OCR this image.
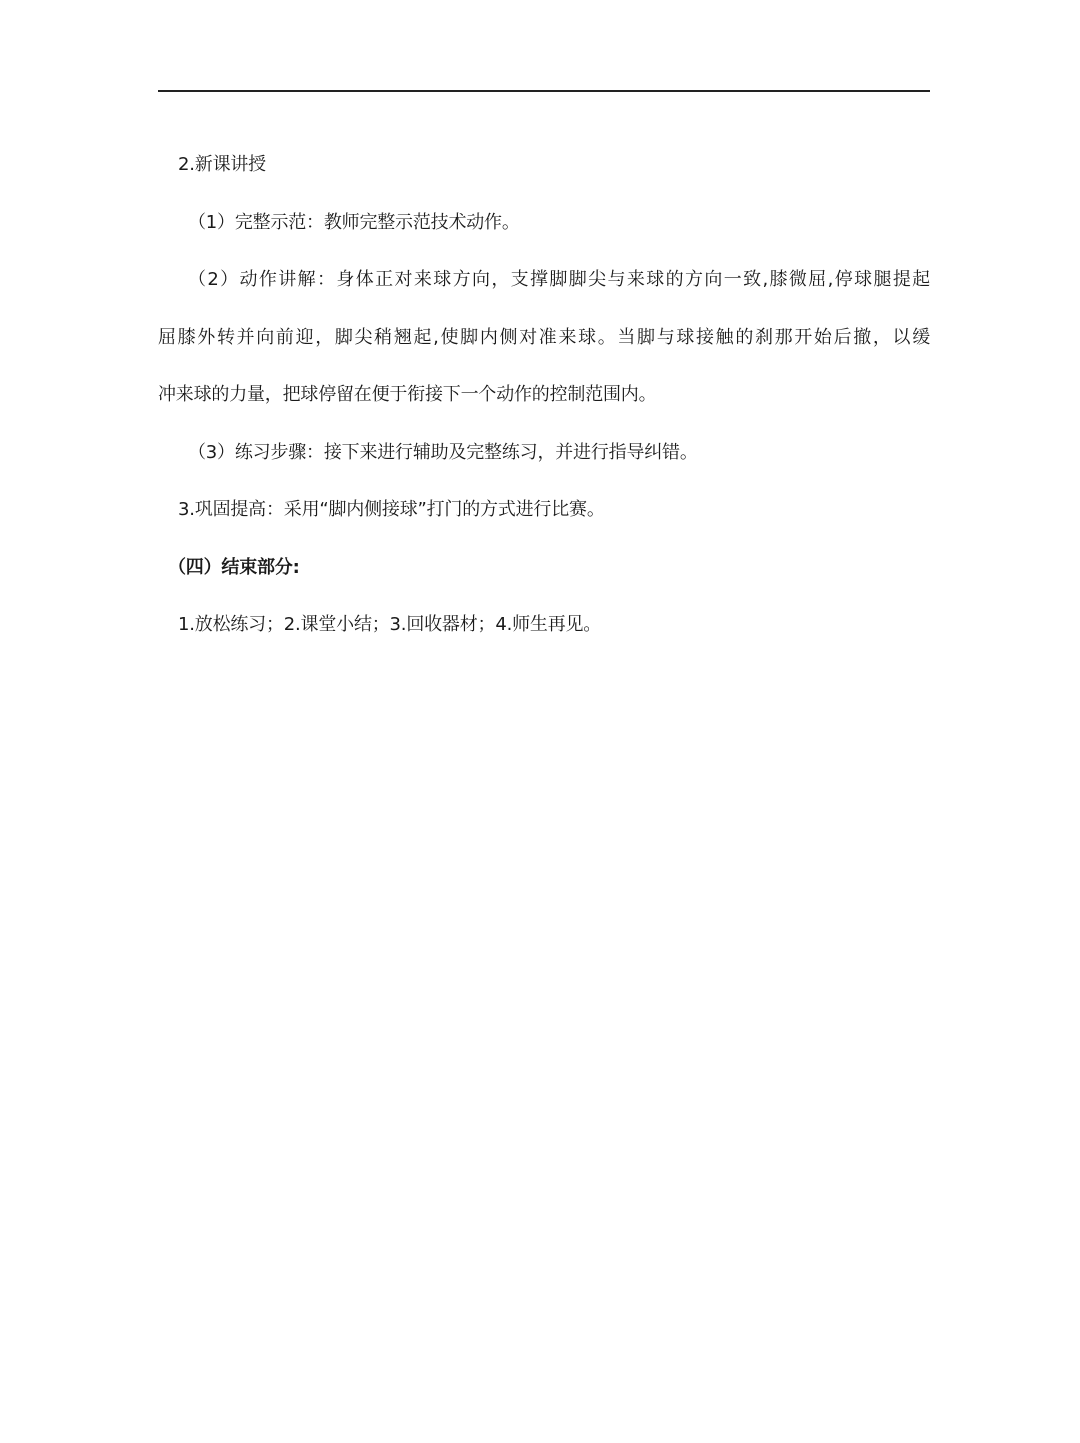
2.新课讲授
（1）完整示范：教师完整示范技术动作。
（2）动作讲解：身体正对来球方向，支撑脚脚尖与来球的方向一致,膝微屈,停球腿提起
屈膝外转并向前迎，脚尖稍翘起,使脚内侧对准来球。当脚与球接触的刹那开始后撤，以缓
冲来球的力量，把球停留在便于衔接下一个动作的控制范围内。
（3）练习步骤：接下来进行辅助及完整练习，并进行指导纠错。
3.巩固提高：采用“脚内侧接球”打门的方式进行比赛。
（四）结束部分:
1.放松练习；2.课堂小结；3.回收器材；4.师生再见。
